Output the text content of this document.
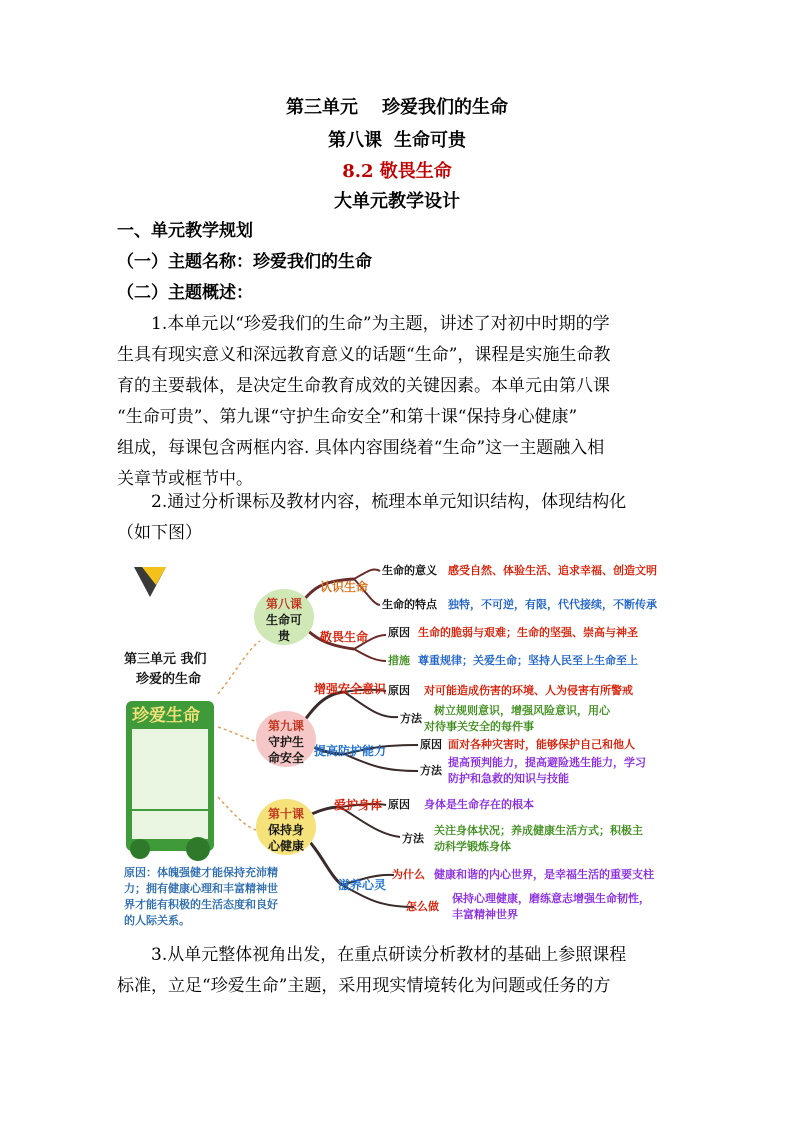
第三单元 珍爱我们的生命
第八课 生命可贵
8.2 敬畏生命
大单元教学设计
一、单元教学规划
（一）主题名称：珍爱我们的生命
（二）主题概述：
1.本单元以“珍爱我们的生命”为主题，讲述了对初中时期的学
生具有现实意义和深远教育意义的话题“生命”，课程是实施生命教
育的主要载体，是决定生命教育成效的关键因素。本单元由第八课
“生命可贵”、第九课“守护生命安全”和第十课“保持身心健康”
组成，每课包含两框内容. 具体内容围绕着“生命”这一主题融入相
关章节或框节中。
2.通过分析课标及教材内容，梳理本单元知识结构，体现结构化
（如下图）
第三单元 我们
珍爱的生命
珍爱生命
第八课
生命可
贵
第九课
守护生
命安全
第十课
保持身
心健康
认识生命
敬畏生命
增强安全意识
提高防护能力
爱护身体
滋养心灵
生命的意义 感受自然、体验生活、追求幸福、创造文明
生命的特点 独特，不可逆，有限，代代接续，不断传承
原因 生命的脆弱与艰难；生命的坚强、崇高与神圣
措施 尊重规律；关爱生命；坚持人民至上生命至上
原因 对可能造成伤害的环境、人为侵害有所警戒
方法
树立规则意识，增强风险意识，用心
对待事关安全的每件事
原因 面对各种灾害时，能够保护自己和他人
方法
提高预判能力，提高避险逃生能力，学习
防护和急救的知识与技能
原因 身体是生命存在的根本
方法
关注身体状况；养成健康生活方式；积极主
动科学锻炼身体
为什么 健康和谐的内心世界，是幸福生活的重要支柱
怎么做
保持心理健康，磨练意志增强生命韧性，
丰富精神世界
原因：体魄强健才能保持充沛精
力；拥有健康心理和丰富精神世
界才能有积极的生活态度和良好
的人际关系。
3.从单元整体视角出发，在重点研读分析教材的基础上参照课程
标准，立足“珍爱生命”主题，采用现实情境转化为问题或任务的方
